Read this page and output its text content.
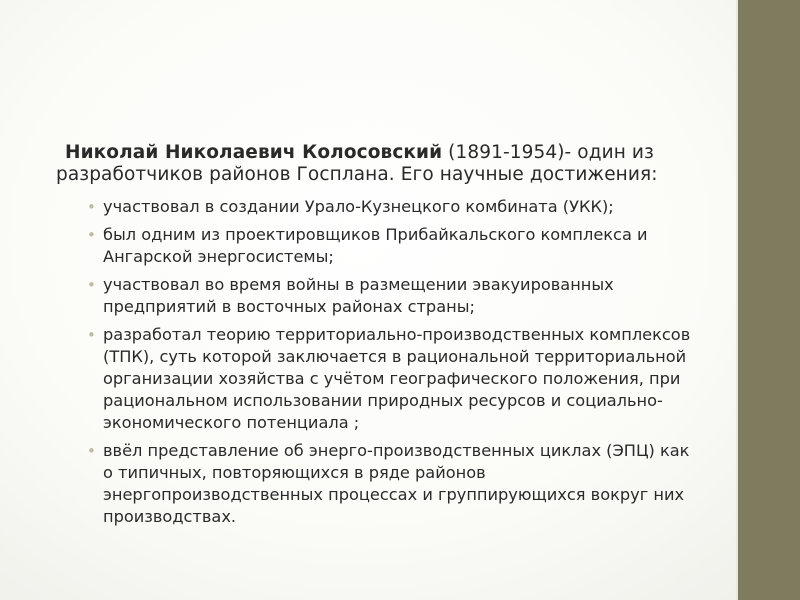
Николай Николаевич Колосовский (1891-1954)- один из разработчиков районов Госплана. Его научные достижения:

• участвовал в создании Урало-Кузнецкого комбината (УКК);
• был одним из проектировщиков Прибайкальского комплекса и Ангарской энергосистемы;
• участвовал во время войны в размещении эвакуированных предприятий в восточных районах страны;
• разработал теорию территориально-производственных комплексов (ТПК), суть которой заключается в рациональной территориальной организации хозяйства с учётом географического положения, при рациональном использовании природных ресурсов и социально-экономического потенциала ;
• ввёл представление об энерго-производственных циклах (ЭПЦ) как о типичных, повторяющихся в ряде районов энергопроизводственных процессах и группирующихся вокруг них производствах.
